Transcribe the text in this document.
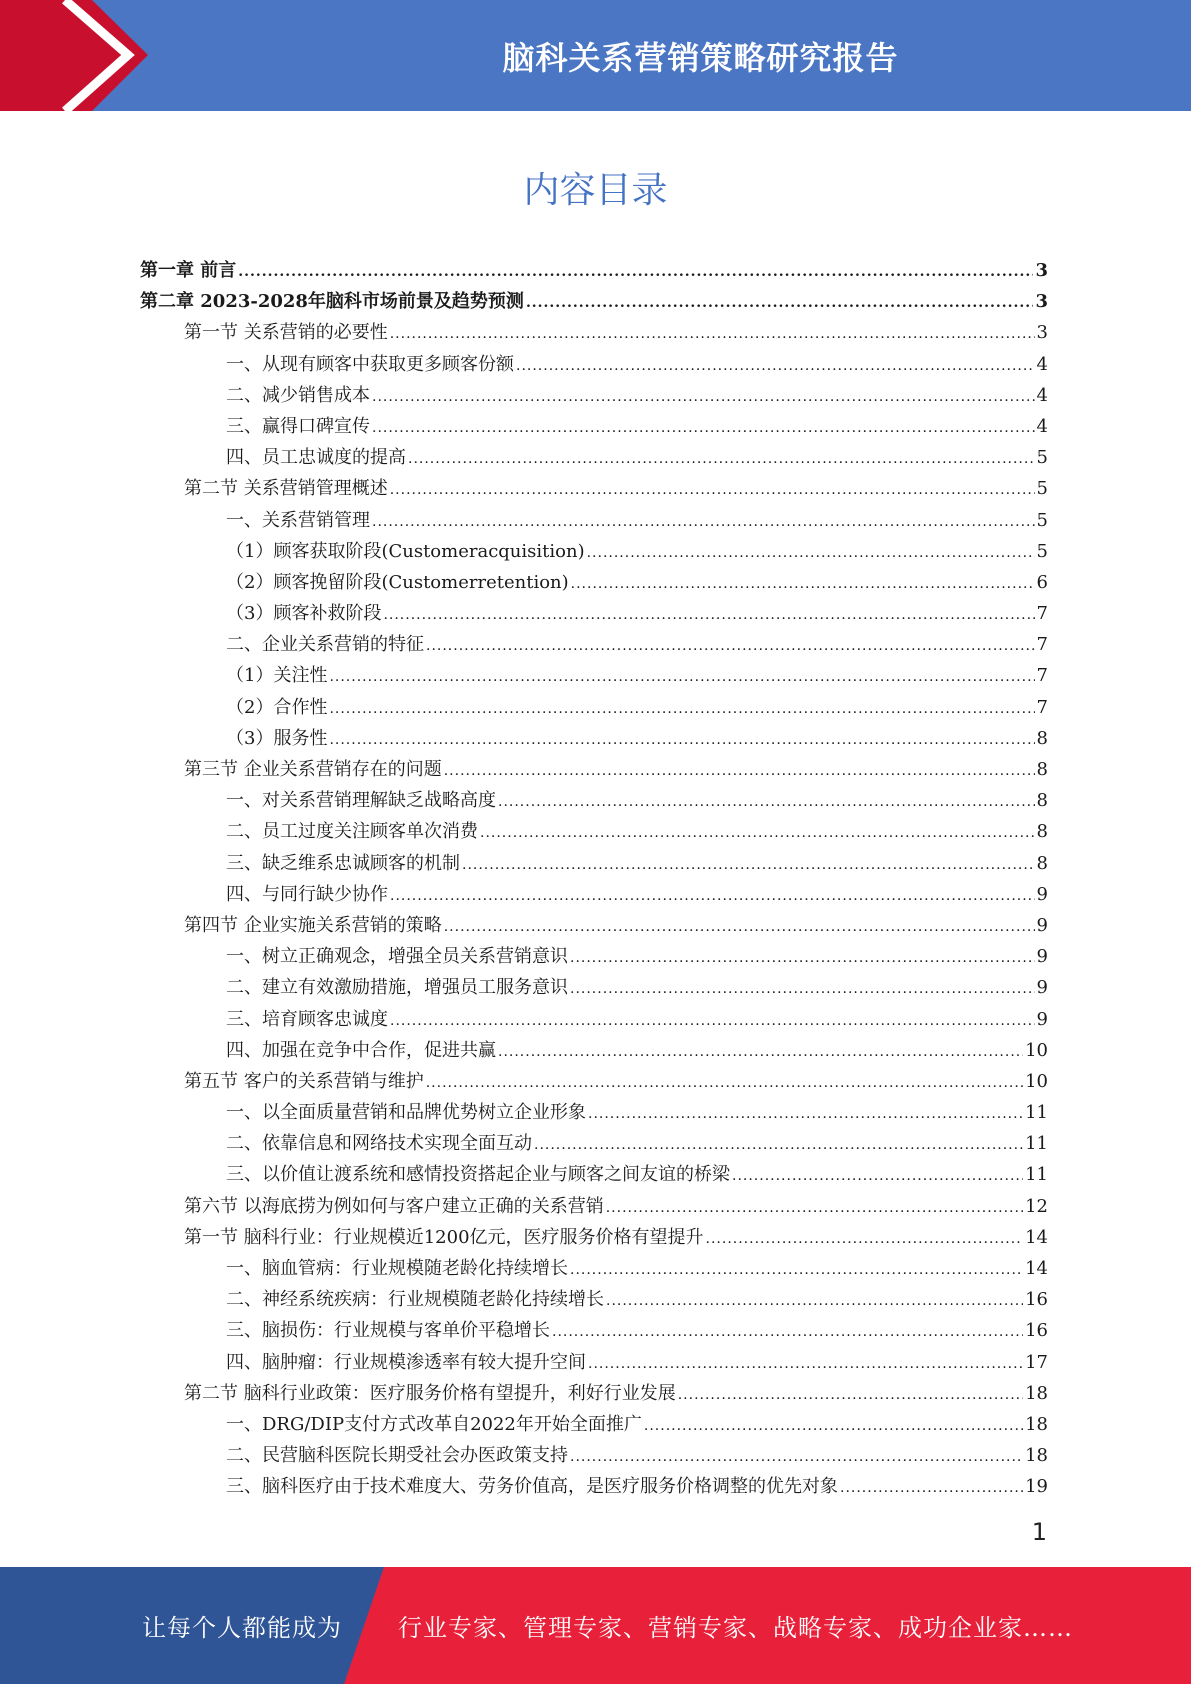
脑科关系营销策略研究报告
内容目录
第一章 前言 .....	3
第二章 2023-2028年脑科市场前景及趋势预测 .....	3
第一节 关系营销的必要性 .....	3
一、从现有顾客中获取更多顾客份额 .....	4
二、减少销售成本 .....	4
三、赢得口碑宣传 .....	4
四、员工忠诚度的提高 .....	5
第二节 关系营销管理概述 .....	5
一、关系营销管理 .....	5
（1）顾客获取阶段(Customeracquisition) .....	5
（2）顾客挽留阶段(Customerretention) .....	6
（3）顾客补救阶段 .....	7
二、企业关系营销的特征 .....	7
（1）关注性 .....	7
（2）合作性 .....	7
（3）服务性 .....	8
第三节 企业关系营销存在的问题 .....	8
一、对关系营销理解缺乏战略高度 .....	8
二、员工过度关注顾客单次消费 .....	8
三、缺乏维系忠诚顾客的机制 .....	8
四、与同行缺少协作 .....	9
第四节 企业实施关系营销的策略 .....	9
一、树立正确观念，增强全员关系营销意识 .....	9
二、建立有效激励措施，增强员工服务意识 .....	9
三、培育顾客忠诚度 .....	9
四、加强在竞争中合作，促进共赢 .....	10
第五节 客户的关系营销与维护 .....	10
一、以全面质量营销和品牌优势树立企业形象 .....	11
二、依靠信息和网络技术实现全面互动 .....	11
三、以价值让渡系统和感情投资搭起企业与顾客之间友谊的桥梁 .....	11
第六节 以海底捞为例如何与客户建立正确的关系营销 .....	12
第一节 脑科行业：行业规模近1200亿元，医疗服务价格有望提升 .....	14
一、脑血管病：行业规模随老龄化持续增长 .....	14
二、神经系统疾病：行业规模随老龄化持续增长 .....	16
三、脑损伤：行业规模与客单价平稳增长 .....	16
四、脑肿瘤：行业规模渗透率有较大提升空间 .....	17
第二节 脑科行业政策：医疗服务价格有望提升，利好行业发展 .....	18
一、DRG/DIP支付方式改革自2022年开始全面推广 .....	18
二、民营脑科医院长期受社会办医政策支持 .....	18
三、脑科医疗由于技术难度大、劳务价值高，是医疗服务价格调整的优先对象 .....	19
1
让每个人都能成为 行业专家、管理专家、营销专家、战略专家、成功企业家……
